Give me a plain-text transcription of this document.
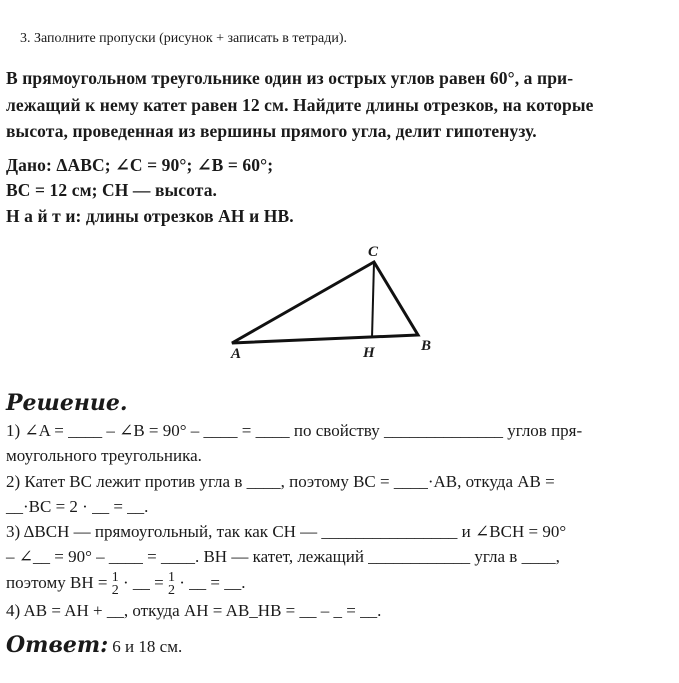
3. Заполните пропуски (рисунок + записать в тетради).
В прямоугольном треугольнике один из острых углов равен 60°, а при-
лежащий к нему катет равен 12 см. Найдите длины отрезков, на которые
высота, проведенная из вершины прямого угла, делит гипотенузу.
Дано: ΔABC; ∠C = 90°; ∠B = 60°;
BC = 12 см; CH — высота.
Н а й т и: длины отрезков AH и HB.
C
A	H	B
Решение.
1) ∠A = ____ – ∠B = 90° – ____ = ____ по свойству ______________ углов пря-
моугольного треугольника.
2) Катет BC лежит против угла в ____, поэтому BC = ____·AB, откуда AB =
__·BC = 2 · __ = __.
3) ΔBCH — прямоугольный, так как CH — ________________ и ∠BCH = 90°
– ∠__ = 90° – ____ = ____. BH — катет, лежащий ____________ угла в ____,
поэтому BH = 1
2 · __ = 1
2 · __ = __.
4) AB = AH + __, откуда AH = AB_HB = __ – _ = __.
Ответ: 6 и 18 см.
